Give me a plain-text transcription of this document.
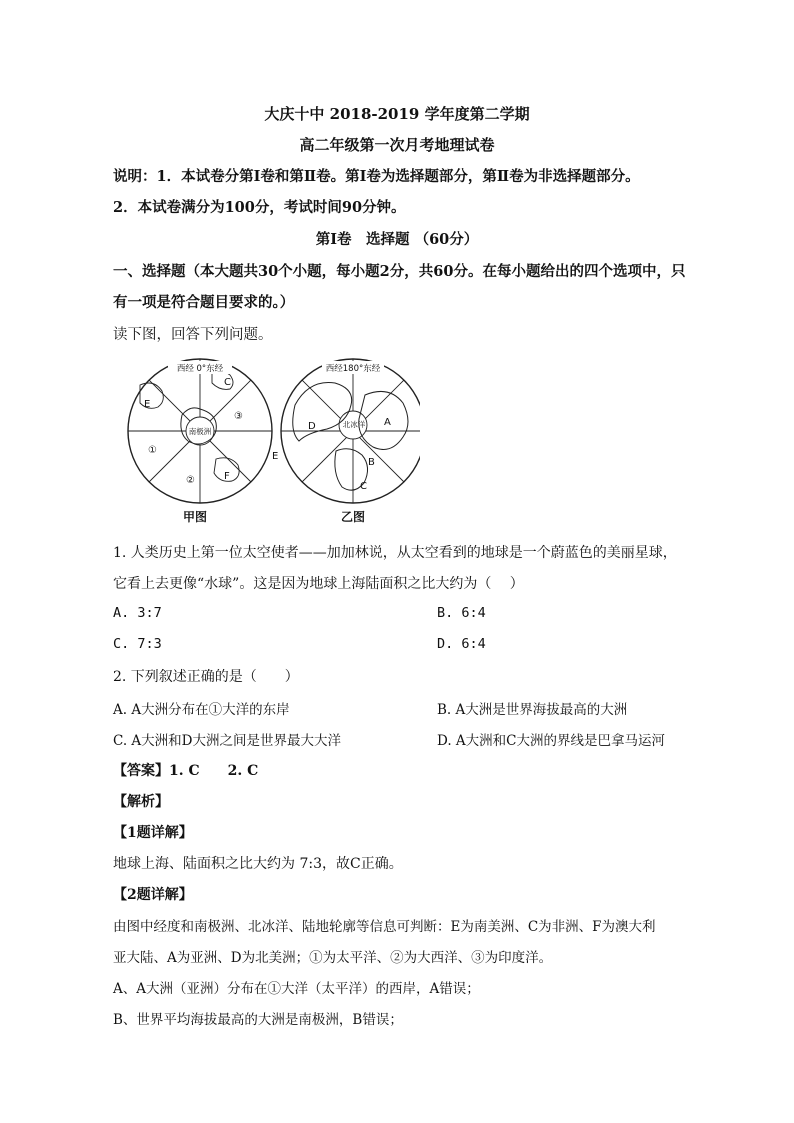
大庆十中 2018-2019 学年度第二学期
高二年级第一次月考地理试卷
说明：1．本试卷分第Ⅰ卷和第Ⅱ卷。第Ⅰ卷为选择题部分，第Ⅱ卷为非选择题部分。
2．本试卷满分为100分，考试时间90分钟。
第Ⅰ卷　选择题 （60分）
一、选择题（本大题共30个小题，每小题2分，共60分。在每小题给出的四个选项中，只
有一项是符合题目要求的。）
读下图，回答下列问题。
西经 0°东经
南极洲
E
C
F
①
②
③
西经180°东经
北冰洋
D	A
B
C
E
甲图	乙图
1. 人类历史上第一位太空使者——加加林说，从太空看到的地球是一个蔚蓝色的美丽星球，
它看上去更像“水球”。这是因为地球上海陆面积之比大约为（　 ）
A. 3:7	B. 6:4
C. 7:3	D. 6:4
2. 下列叙述正确的是（　　）
A. A大洲分布在①大洋的东岸	B. A大洲是世界海拔最高的大洲
C. A大洲和D大洲之间是世界最大大洋	D. A大洲和C大洲的界线是巴拿马运河
【答案】1. C　　2. C
【解析】
【1题详解】
地球上海、陆面积之比大约为 7:3，故C正确。
【2题详解】
由图中经度和南极洲、北冰洋、陆地轮廓等信息可判断：E为南美洲、C为非洲、F为澳大利
亚大陆、A为亚洲、D为北美洲；①为太平洋、②为大西洋、③为印度洋。
A、A大洲（亚洲）分布在①大洋（太平洋）的西岸，A错误；
B、世界平均海拔最高的大洲是南极洲，B错误；
